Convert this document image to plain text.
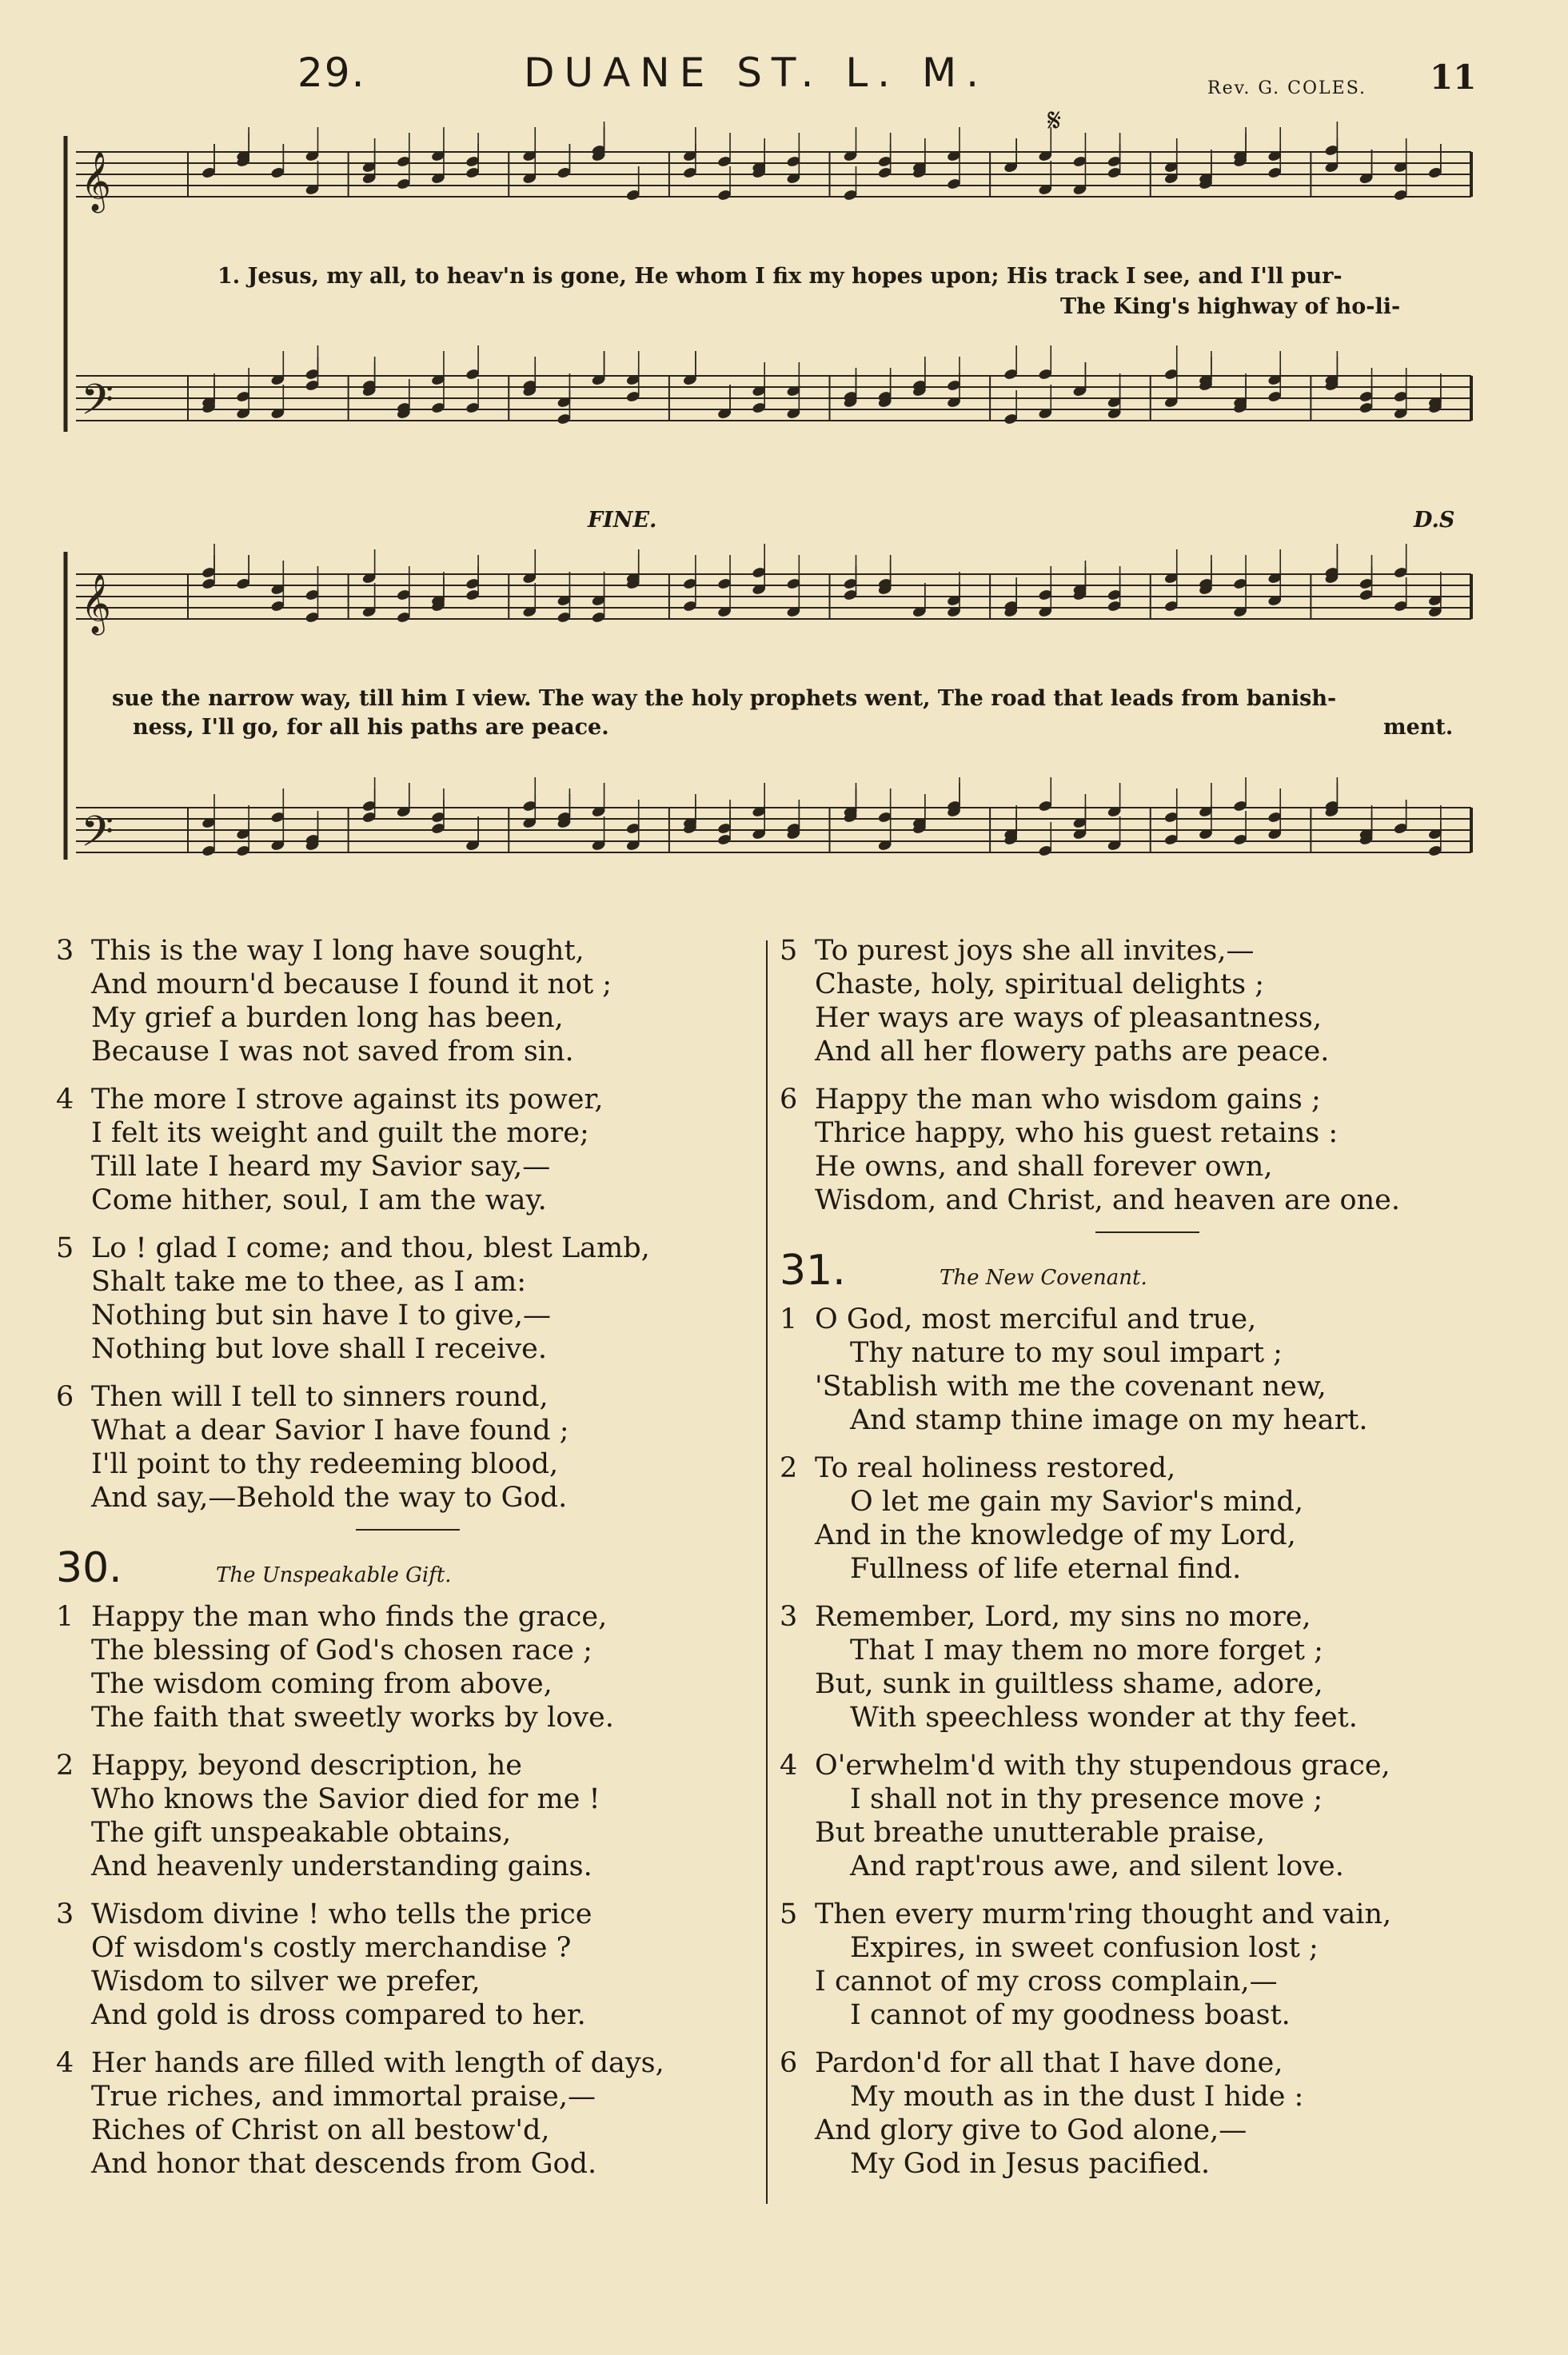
29.	DUANE ST. L. M.	Rev. G. COLES. 11
𝄞
𝄢
𝄞
𝄢
𝄋
1. Jesus, my all, to heav'n is gone, He whom I fix my hopes upon; His track I see, and I'll pur-
The King's highway of ho-li-
FINE.	D.S
sue the narrow way, till him I view. The way the holy prophets went, The road that leads from banish-
ness, I'll go, for all his paths are peace.	ment.
3 This is the way I long have sought,
And mourn'd because I found it not ;
My grief a burden long has been,
Because I was not saved from sin.
4 The more I strove against its power,
I felt its weight and guilt the more;
Till late I heard my Savior say,—
Come hither, soul, I am the way.
5 Lo ! glad I come; and thou, blest Lamb,
Shalt take me to thee, as I am:
Nothing but sin have I to give,—
Nothing but love shall I receive.
6 Then will I tell to sinners round,
What a dear Savior I have found ;
I'll point to thy redeeming blood,
And say,—Behold the way to God.
30.	The Unspeakable Gift.
1 Happy the man who finds the grace,
The blessing of God's chosen race ;
The wisdom coming from above,
The faith that sweetly works by love.
2 Happy, beyond description, he
Who knows the Savior died for me !
The gift unspeakable obtains,
And heavenly understanding gains.
3 Wisdom divine ! who tells the price
Of wisdom's costly merchandise ?
Wisdom to silver we prefer,
And gold is dross compared to her.
4 Her hands are filled with length of days,
True riches, and immortal praise,—
Riches of Christ on all bestow'd,
And honor that descends from God.
5 To purest joys she all invites,—
Chaste, holy, spiritual delights ;
Her ways are ways of pleasantness,
And all her flowery paths are peace.
6 Happy the man who wisdom gains ;
Thrice happy, who his guest retains :
He owns, and shall forever own,
Wisdom, and Christ, and heaven are one.
31.	The New Covenant.
1 O God, most merciful and true,
Thy nature to my soul impart ;
'Stablish with me the covenant new,
And stamp thine image on my heart.
2 To real holiness restored,
O let me gain my Savior's mind,
And in the knowledge of my Lord,
Fullness of life eternal find.
3 Remember, Lord, my sins no more,
That I may them no more forget ;
But, sunk in guiltless shame, adore,
With speechless wonder at thy feet.
4 O'erwhelm'd with thy stupendous grace,
I shall not in thy presence move ;
But breathe unutterable praise,
And rapt'rous awe, and silent love.
5 Then every murm'ring thought and vain,
Expires, in sweet confusion lost ;
I cannot of my cross complain,—
I cannot of my goodness boast.
6 Pardon'd for all that I have done,
My mouth as in the dust I hide :
And glory give to God alone,—
My God in Jesus pacified.
